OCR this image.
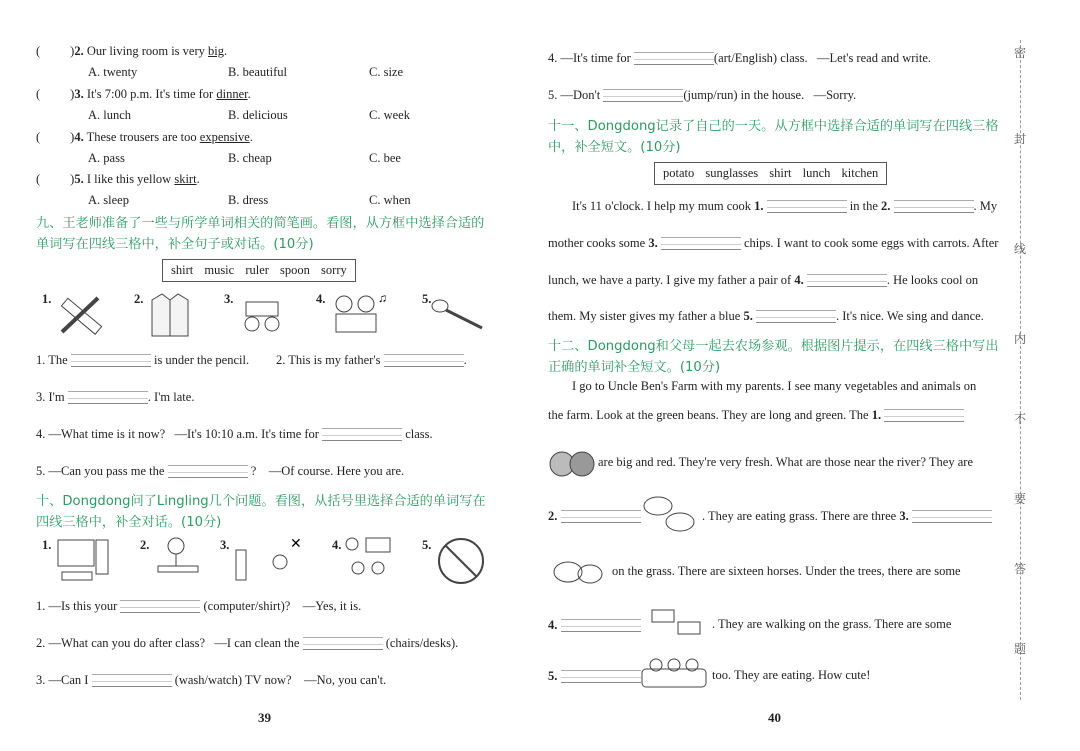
( )2. Our living room is very big.
A. twenty	B. beautiful	C. size
( )3. It's 7:00 p.m. It's time for dinner.
A. lunch	B. delicious	C. week
( )4. These trousers are too expensive.
A. pass	B. cheap	C. bee
( )5. I like this yellow skirt.
A. sleep	B. dress	C. when
九、王老师准备了一些与所学单词相关的简笔画。看图，从方框中选择合适的单词写在四线三格中，补全句子或对话。(10分)
shirt music ruler spoon sorry
1.	2.	3.	4.	♫	5.
1. The	is under the pencil. 2. This is my father's	.
3. I'm	. I'm late.
4. —What time is it now? —It's 10:10 a.m. It's time for	class.
5. —Can you pass me the	? —Of course. Here you are.
十、Dongdong问了Lingling几个问题。看图，从括号里选择合适的单词写在四线三格中，补全对话。(10分)
1.	2.	3.	✕ 4.	5.
1. —Is this your	(computer/shirt)? —Yes, it is.
2. —What can you do after class? —I can clean the	(chairs/desks).
3. —Can I	(wash/watch) TV now? —No, you can't.
39
4. —It's time for	(art/English) class. —Let's read and write.
5. —Don't	(jump/run) in the house. —Sorry.
十一、Dongdong记录了自己的一天。从方框中选择合适的单词写在四线三格中，补全短文。(10分)
potato sunglasses shirt lunch kitchen
It's 11 o'clock. I help my mum cook 1.	in the 2.	. My
mother cooks some 3.	chips. I want to cook some eggs with carrots. After
lunch, we have a party. I give my father a pair of 4.	. He looks cool on
them. My sister gives my father a blue 5.	. It's nice. We sing and dance.
十二、Dongdong和父母一起去农场参观。根据图片提示，在四线三格中写出正确的单词补全短文。(10分)
I go to Uncle Ben's Farm with my parents. I see many vegetables and animals on
the farm. Look at the green beans. They are long and green. The 1.
are big and red. They're very fresh. What are those near the river? They are
2.	. They are eating grass. There are three 3.
on the grass. There are sixteen horses. Under the trees, there are some
4.	. They are walking on the grass. There are some
5.	too. They are eating. How cute!
40
密
封
线
内
不
要
答
题
